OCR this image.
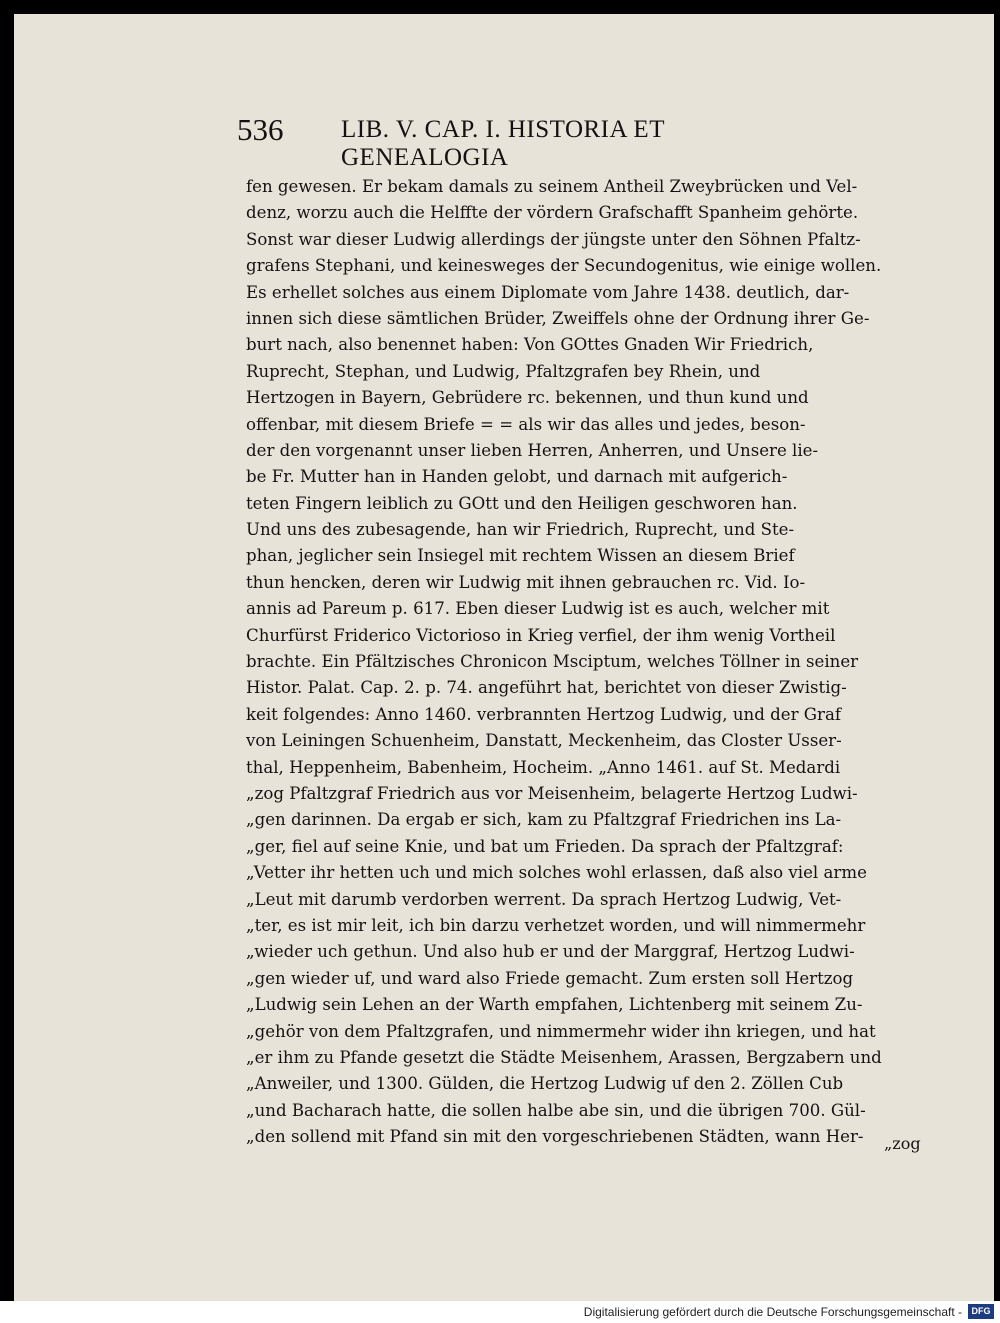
536 LIB. V. CAP. I. HISTORIA ET GENEALOGIA
fen gewesen. Er bekam damals zu seinem Antheil Zweybrücken und Vel-
denz, worzu auch die Helffte der vördern Grafschafft Spanheim gehörte.
Sonst war dieser Ludwig allerdings der jüngste unter den Söhnen Pfaltz-
grafens Stephani, und keinesweges der Secundogenitus, wie einige wollen.
Es erhellet solches aus einem Diplomate vom Jahre 1438. deutlich, dar-
innen sich diese sämtlichen Brüder, Zweiffels ohne der Ordnung ihrer Ge-
burt nach, also benennet haben: Von GOttes Gnaden Wir Friedrich,
Ruprecht, Stephan, und Ludwig, Pfaltzgrafen bey Rhein, und
Hertzogen in Bayern, Gebrüdere rc. bekennen, und thun kund und
offenbar, mit diesem Briefe = = als wir das alles und jedes, beson-
der den vorgenannt unser lieben Herren, Anherren, und Unsere lie-
be Fr. Mutter han in Handen gelobt, und darnach mit aufgerich-
teten Fingern leiblich zu GOtt und den Heiligen geschworen han.
Und uns des zubesagende, han wir Friedrich, Ruprecht, und Ste-
phan, jeglicher sein Insiegel mit rechtem Wissen an diesem Brief
thun hencken, deren wir Ludwig mit ihnen gebrauchen rc. Vid. Io-
annis ad Pareum p. 617. Eben dieser Ludwig ist es auch, welcher mit
Churfürst Friderico Victorioso in Krieg verfiel, der ihm wenig Vortheil
brachte. Ein Pfältzisches Chronicon Msciptum, welches Töllner in seiner
Histor. Palat. Cap. 2. p. 74. angeführt hat, berichtet von dieser Zwistig-
keit folgendes: Anno 1460. verbrannten Hertzog Ludwig, und der Graf
von Leiningen Schuenheim, Danstatt, Meckenheim, das Closter Usser-
thal, Heppenheim, Babenheim, Hocheim. „Anno 1461. auf St. Medardi
„zog Pfaltzgraf Friedrich aus vor Meisenheim, belagerte Hertzog Ludwi-
„gen darinnen. Da ergab er sich, kam zu Pfaltzgraf Friedrichen ins La-
„ger, fiel auf seine Knie, und bat um Frieden. Da sprach der Pfaltzgraf:
„Vetter ihr hetten uch und mich solches wohl erlassen, daß also viel arme
„Leut mit darumb verdorben werrent. Da sprach Hertzog Ludwig, Vet-
„ter, es ist mir leit, ich bin darzu verhetzet worden, und will nimmermehr
„wieder uch gethun. Und also hub er und der Marggraf, Hertzog Ludwi-
„gen wieder uf, und ward also Friede gemacht. Zum ersten soll Hertzog
„Ludwig sein Lehen an der Warth empfahen, Lichtenberg mit seinem Zu-
„gehör von dem Pfaltzgrafen, und nimmermehr wider ihn kriegen, und hat
„er ihm zu Pfande gesetzt die Städte Meisenhem, Arassen, Bergzabern und
„Anweiler, und 1300. Gülden, die Hertzog Ludwig uf den 2. Zöllen Cub
„und Bacharach hatte, die sollen halbe abe sin, und die übrigen 700. Gül-
„den sollend mit Pfand sin mit den vorgeschriebenen Städten, wann Her-	„zog
Digitalisierung gefördert durch die Deutsche Forschungsgemeinschaft -	DFG
